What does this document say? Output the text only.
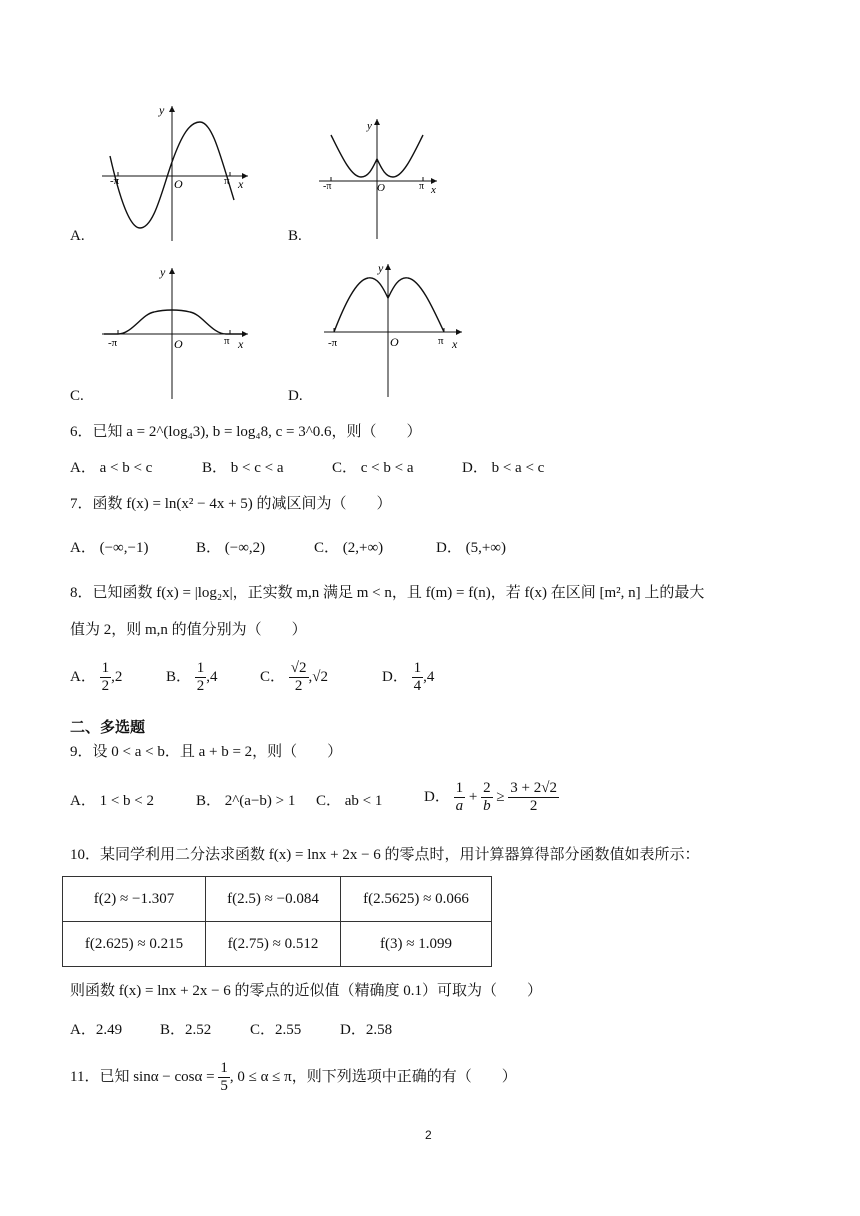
y
x
O
-π	π
A.
y
x
O
-π	π
B.
y
x
O
-π	π
C.
y
x
O
-π	π
D.
6．已知 a = 2^(log₄3), b = log₄8, c = 3^0.6，则（　　）
A． a < b < c	B． b < c < a	C． c < b < a	D． b < a < c
7．函数 f(x) = ln(x² − 4x + 5) 的减区间为（　　）
A． (−∞,−1)	B． (−∞,2)	C． (2,+∞)	D． (5,+∞)
8．已知函数 f(x) = |log₂x|，正实数 m,n 满足 m < n，且 f(m) = f(n)，若 f(x) 在区间 [m², n] 上的最大
值为 2，则 m,n 的值分别为（　　）
A． $\frac{1}{2} ,2$	B． $\frac{1}{2} ,4$	C． $\frac{√2}{2} ,√2$	D． $\frac{1}{4} ,4$
二、多选题
9．设 0 < a < b．且 a + b = 2，则（　　）
A． 1 < b < 2	B． 2^(a−b) > 1 C． ab < 1	D． $\frac{1}{a} + \frac{2}{b} \ge \frac{3 + 2√2}{2}$
10．某同学利用二分法求函数 f(x) = lnx + 2x − 6 的零点时，用计算器算得部分函数值如表所示：
f(2) ≈ −1.307	f(2.5) ≈ −0.084	f(2.5625) ≈ 0.066
f(2.625) ≈ 0.215	f(2.75) ≈ 0.512	f(3) ≈ 1.099
则函数 f(x) = lnx + 2x − 6 的零点的近似值（精确度 0.1）可取为（　　）
A．2.49	B．2.52	C．2.55	D．2.58
11．已知 $\sin\alpha - \cos\alpha = \frac{1}{5}$ , 0 ≤ α ≤ π，则下列选项中正确的有（　　）
2
